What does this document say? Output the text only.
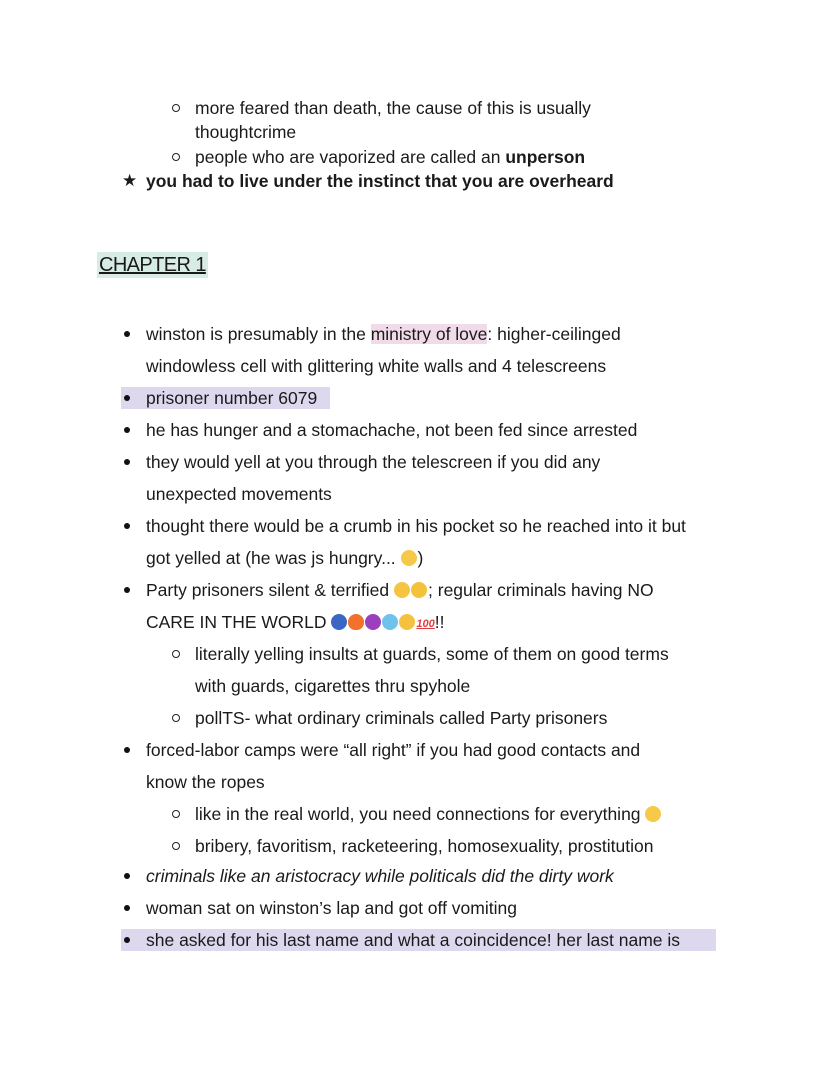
more feared than death, the cause of this is usually
thoughtcrime
people who are vaporized are called an unperson
★ you had to live under the instinct that you are overheard
CHAPTER 1
winston is presumably in the ministry of love: higher-ceilinged
windowless cell with glittering white walls and 4 telescreens
prisoner number 6079
he has hunger and a stomachache, not been fed since arrested
they would yell at you through the telescreen if you did any
unexpected movements
thought there would be a crumb in his pocket so he reached into it but
got yelled at (he was js hungry... )
Party prisoners silent & terrified ; regular criminals having NO
CARE IN THE WORLD	100!!
literally yelling insults at guards, some of them on good terms
with guards, cigarettes thru spyhole
pollTS- what ordinary criminals called Party prisoners
forced-labor camps were “all right” if you had good contacts and
know the ropes
like in the real world, you need connections for everything
bribery, favoritism, racketeering, homosexuality, prostitution
criminals like an aristocracy while politicals did the dirty work
woman sat on winston’s lap and got off vomiting
she asked for his last name and what a coincidence! her last name is
